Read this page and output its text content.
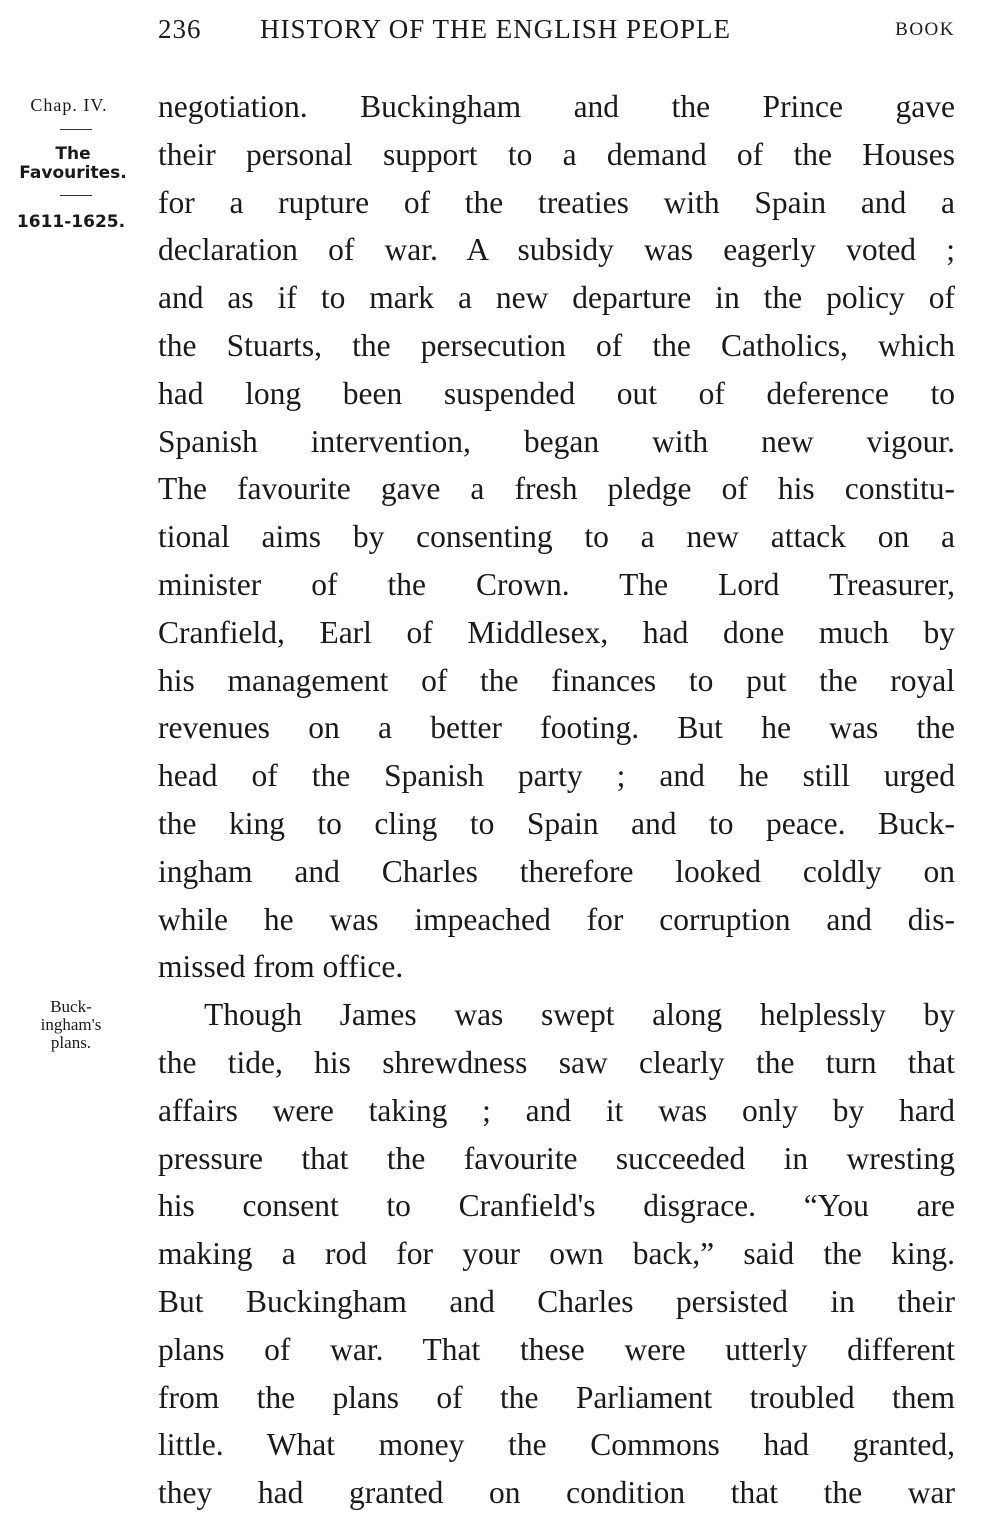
236 HISTORY OF THE ENGLISH PEOPLE	BOOK
Chap. IV.
The
Favourites.
1611-1625.
Buck-
ingham's
plans.
negotiation. Buckingham and the Prince gave
their personal support to a demand of the Houses
for a rupture of the treaties with Spain and a
declaration of war. A subsidy was eagerly voted ;
and as if to mark a new departure in the policy of
the Stuarts, the persecution of the Catholics, which
had long been suspended out of deference to
Spanish intervention, began with new vigour.
The favourite gave a fresh pledge of his constitu-
tional aims by consenting to a new attack on a
minister of the Crown. The Lord Treasurer,
Cranfield, Earl of Middlesex, had done much by
his management of the finances to put the royal
revenues on a better footing. But he was the
head of the Spanish party ; and he still urged
the king to cling to Spain and to peace. Buck-
ingham and Charles therefore looked coldly on
while he was impeached for corruption and dis-
missed from office.
Though James was swept along helplessly by
the tide, his shrewdness saw clearly the turn that
affairs were taking ; and it was only by hard
pressure that the favourite succeeded in wresting
his consent to Cranfield's disgrace. “You are
making a rod for your own back,” said the king.
But Buckingham and Charles persisted in their
plans of war. That these were utterly different
from the plans of the Parliament troubled them
little. What money the Commons had granted,
they had granted on condition that the war
